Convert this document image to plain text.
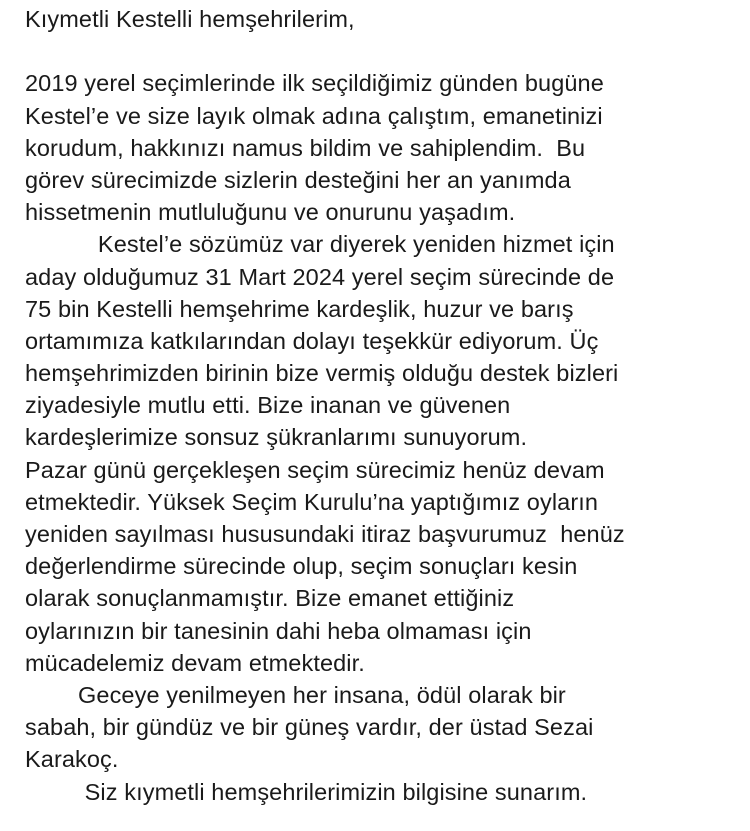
Kıymetli Kestelli hemşehrilerim,
2019 yerel seçimlerinde ilk seçildiğimiz günden bugüne
Kestel’e ve size layık olmak adına çalıştım, emanetinizi
korudum, hakkınızı namus bildim ve sahiplendim.  Bu
görev sürecimizde sizlerin desteğini her an yanımda
hissetmenin mutluluğunu ve onurunu yaşadım.
Kestel’e sözümüz var diyerek yeniden hizmet için
aday olduğumuz 31 Mart 2024 yerel seçim sürecinde de
75 bin Kestelli hemşehrime kardeşlik, huzur ve barış
ortamımıza katkılarından dolayı teşekkür ediyorum. Üç
hemşehrimizden birinin bize vermiş olduğu destek bizleri
ziyadesiyle mutlu etti. Bize inanan ve güvenen
kardeşlerimize sonsuz şükranlarımı sunuyorum.
Pazar günü gerçekleşen seçim sürecimiz henüz devam
etmektedir. Yüksek Seçim Kurulu’na yaptığımız oyların
yeniden sayılması hususundaki itiraz başvurumuz  henüz
değerlendirme sürecinde olup, seçim sonuçları kesin
olarak sonuçlanmamıştır. Bize emanet ettiğiniz
oylarınızın bir tanesinin dahi heba olmaması için
mücadelemiz devam etmektedir.
Geceye yenilmeyen her insana, ödül olarak bir
sabah, bir gündüz ve bir güneş vardır, der üstad Sezai
Karakoç.
Siz kıymetli hemşehrilerimizin bilgisine sunarım.
